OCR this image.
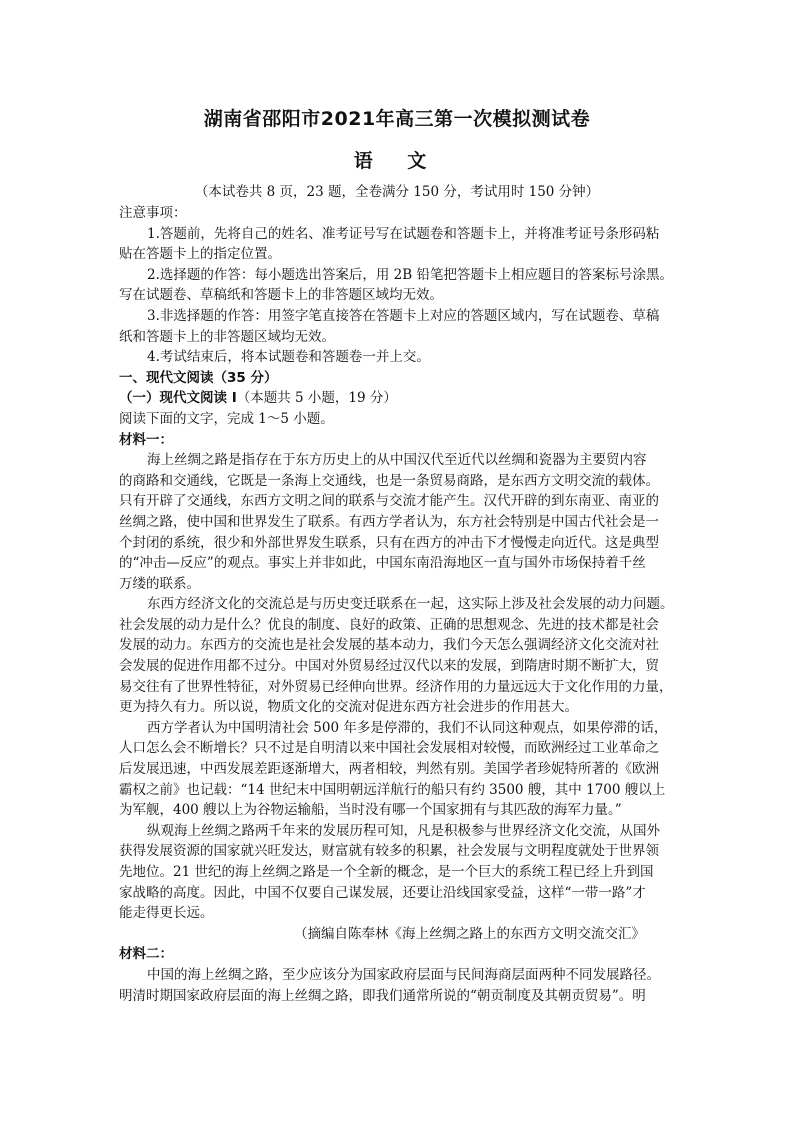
湖南省邵阳市2021年高三第一次模拟测试卷
语 文
（本试卷共 8 页，23 题，全卷满分 150 分，考试用时 150 分钟）
注意事项：
1.答题前，先将自己的姓名、准考证号写在试题卷和答题卡上，并将准考证号条形码粘
贴在答题卡上的指定位置。
2.选择题的作答：每小题选出答案后，用 2B 铅笔把答题卡上相应题目的答案标号涂黑。
写在试题卷、草稿纸和答题卡上的非答题区域均无效。
3.非选择题的作答：用签字笔直接答在答题卡上对应的答题区域内，写在试题卷、草稿
纸和答题卡上的非答题区域均无效。
4.考试结束后，将本试题卷和答题卷一并上交。
一、现代文阅读（35 分）
（一）现代文阅读 I（本题共 5 小题，19 分）
阅读下面的文字，完成 1～5 小题。
材料一：
海上丝绸之路是指存在于东方历史上的从中国汉代至近代以丝绸和瓷器为主要贸内容
的商路和交通线，它既是一条海上交通线，也是一条贸易商路，是东西方文明交流的载体。
只有开辟了交通线，东西方文明之间的联系与交流才能产生。汉代开辟的到东南亚、南亚的
丝绸之路，使中国和世界发生了联系。有西方学者认为，东方社会特别是中国古代社会是一
个封闭的系统，很少和外部世界发生联系，只有在西方的冲击下才慢慢走向近代。这是典型
的“冲击—反应”的观点。事实上并非如此，中国东南沿海地区一直与国外市场保持着千丝
万缕的联系。
东西方经济文化的交流总是与历史变迁联系在一起，这实际上涉及社会发展的动力问题。
社会发展的动力是什么？优良的制度、良好的政策、正确的思想观念、先进的技术都是社会
发展的动力。东西方的交流也是社会发展的基本动力，我们今天怎么强调经济文化交流对社
会发展的促进作用都不过分。中国对外贸易经过汉代以来的发展，到隋唐时期不断扩大，贸
易交往有了世界性特征，对外贸易已经伸向世界。经济作用的力量远远大于文化作用的力量，
更为持久有力。所以说，物质文化的交流对促进东西方社会进步的作用甚大。
西方学者认为中国明清社会 500 年多是停滞的，我们不认同这种观点，如果停滞的话，
人口怎么会不断增长？只不过是自明清以来中国社会发展相对较慢，而欧洲经过工业革命之
后发展迅速，中西发展差距逐渐增大，两者相较，判然有别。美国学者珍妮特所著的《欧洲
霸权之前》也记载：“14 世纪末中国明朝远洋航行的船只有约 3500 艘，其中 1700 艘以上
为军舰，400 艘以上为谷物运输船，当时没有哪一个国家拥有与其匹敌的海军力量。”
纵观海上丝绸之路两千年来的发展历程可知，凡是积极参与世界经济文化交流，从国外
获得发展资源的国家就兴旺发达，财富就有较多的积累，社会发展与文明程度就处于世界领
先地位。21 世纪的海上丝绸之路是一个全新的概念，是一个巨大的系统工程已经上升到国
家战略的高度。因此，中国不仅要自己谋发展，还要让沿线国家受益，这样“一带一路”才
能走得更长远。
（摘编自陈奉林《海上丝绸之路上的东西方文明交流交汇》
材料二：
中国的海上丝绸之路，至少应该分为国家政府层面与民间海商层面两种不同发展路径。
明清时期国家政府层面的海上丝绸之路，即我们通常所说的“朝贡制度及其朝贡贸易”。明
